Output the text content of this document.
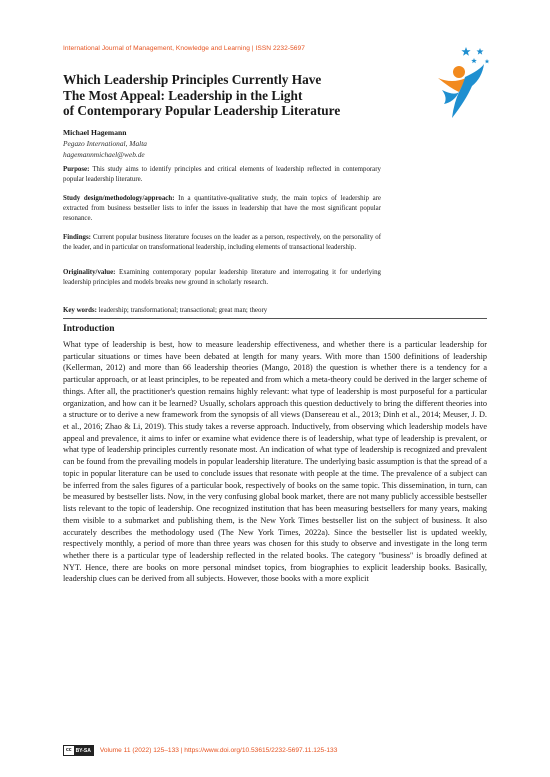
International Journal of Management, Knowledge and Learning | ISSN 2232-5697
Which Leadership Principles Currently Have
The Most Appeal: Leadership in the Light
of Contemporary Popular Leadership Literature
Michael Hagemann
Pegazo International, Malta
hagemannmichael@web.de
Purpose: This study aims to identify principles and critical elements of leadership reflected in contemporary popular leadership literature.
Study design/methodology/approach: In a quantitative-qualitative study, the main topics of leadership are extracted from business bestseller lists to infer the issues in leadership that have the most significant popular resonance.
Findings: Current popular business literature focuses on the leader as a person, respectively, on the personality of the leader, and in particular on transformational leadership, including elements of transactional leadership.
Originality/value: Examining contemporary popular leadership literature and interrogating it for underlying leadership principles and models breaks new ground in scholarly research.
Key words: leadership; transformational; transactional; great man; theory
Introduction
What type of leadership is best, how to measure leadership effectiveness, and whether there is a particular leadership for particular situations or times have been debated at length for many years. With more than 1500 definitions of leadership (Kellerman, 2012) and more than 66 leadership theories (Mango, 2018) the question is whether there is a tendency for a particular approach, or at least principles, to be repeated and from which a meta-theory could be derived in the larger scheme of things. After all, the practitioner's question remains highly relevant: what type of leadership is most purposeful for a particular organization, and how can it be learned? Usually, scholars approach this question deductively to bring the different theories into a structure or to derive a new framework from the synopsis of all views (Dansereau et al., 2013; Dinh et al., 2014; Meuser, J. D. et al., 2016; Zhao & Li, 2019). This study takes a reverse approach. Inductively, from observing which leadership models have appeal and prevalence, it aims to infer or examine what evidence there is of leadership, what type of leadership is prevalent, or what type of leadership principles currently resonate most. An indication of what type of leadership is recognized and prevalent can be found from the prevailing models in popular leadership literature. The underlying basic assumption is that the spread of a topic in popular literature can be used to conclude issues that resonate with people at the time. The prevalence of a subject can be inferred from the sales figures of a particular book, respectively of books on the same topic. This dissemination, in turn, can be measured by bestseller lists. Now, in the very confusing global book market, there are not many publicly accessible bestseller lists relevant to the topic of leadership. One recognized institution that has been measuring bestsellers for many years, making them visible to a submarket and publishing them, is the New York Times bestseller list on the subject of business. It also accurately describes the methodology used (The New York Times, 2022a). Since the bestseller list is updated weekly, respectively monthly, a period of more than three years was chosen for this study to observe and investigate in the long term whether there is a particular type of leadership reflected in the related books. The category "business" is broadly defined at NYT. Hence, there are books on more personal mindset topics, from biographies to explicit leadership books. Basically, leadership clues can be derived from all subjects. However, those books with a more explicit
cc BY-SA	Volume 11 (2022) 125–133 | https://www.doi.org/10.53615/2232-5697.11.125-133
